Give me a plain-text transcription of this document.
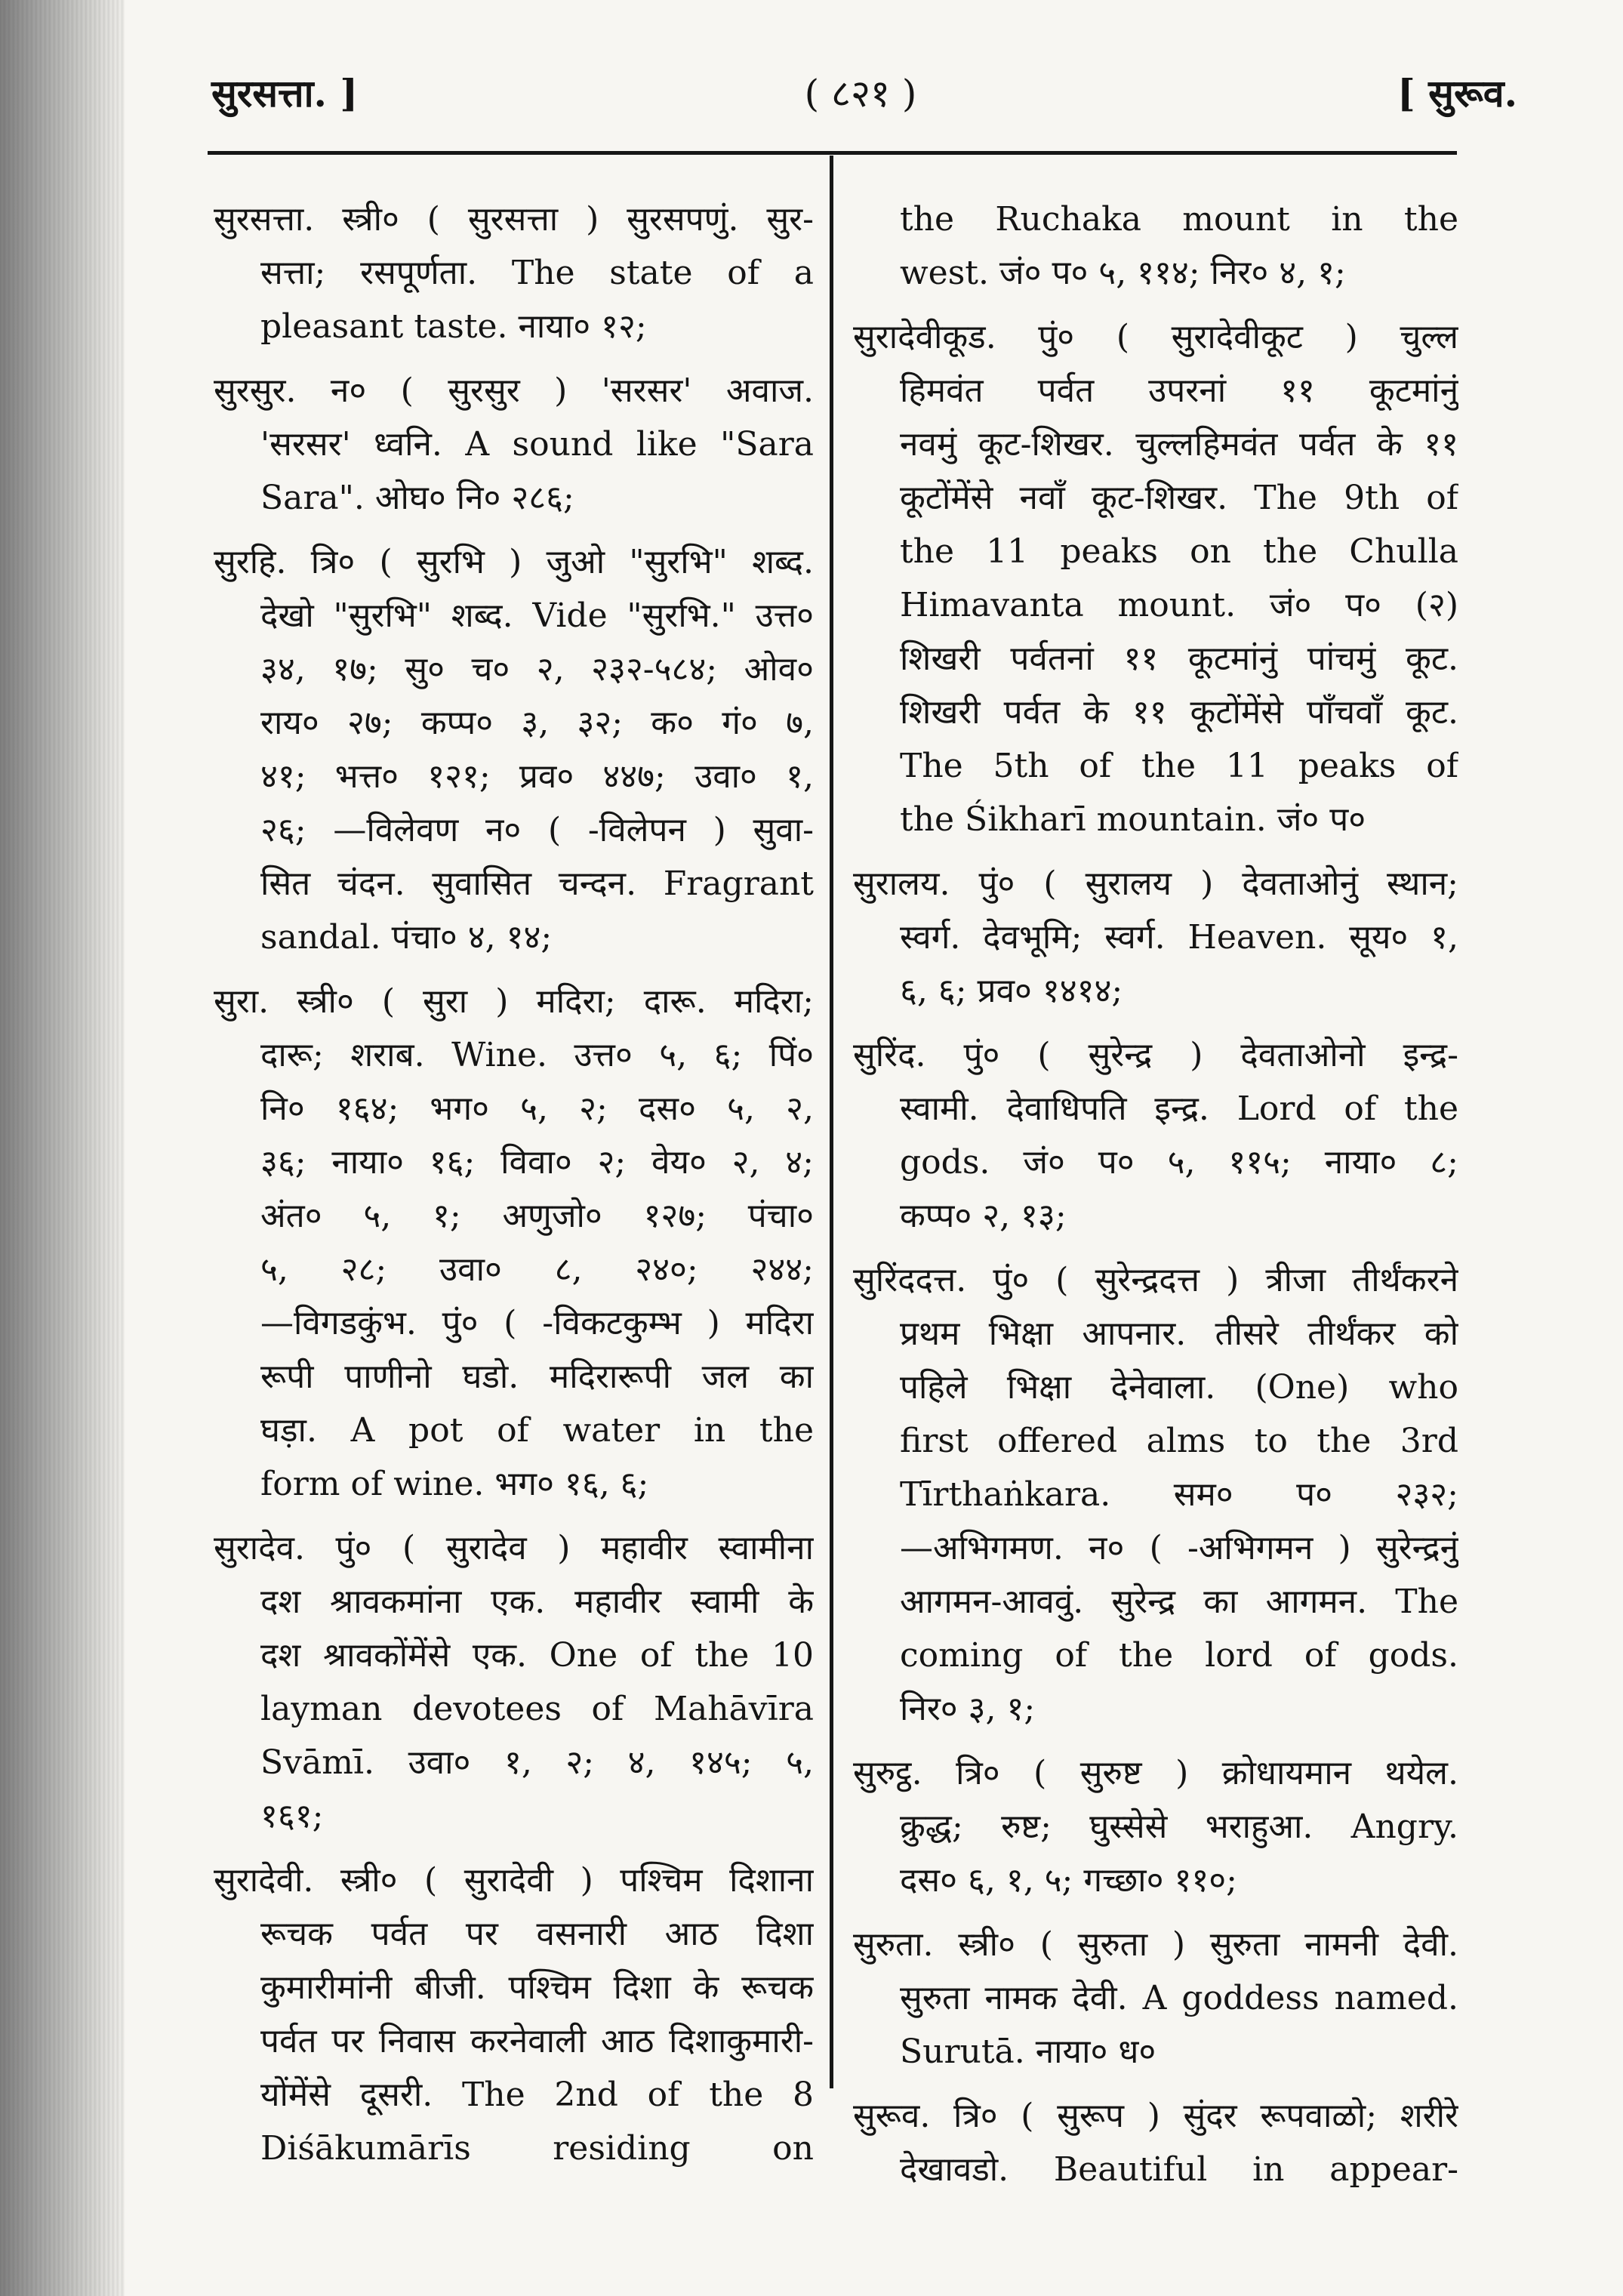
सुरसत्ता. ]	( ८२१ )	[ सुरूव.
सुरसत्ता. स्त्री० ( सुरसत्ता ) सुरसपणुं. सुर-
सत्ता; रसपूर्णता. The state of a
pleasant taste. नाया० १२;
सुरसुर. न० ( सुरसुर ) 'सरसर' अवाज.
'सरसर' ध्वनि. A sound like "Sara
Sara". ओघ० नि० २८६;
सुरहि. त्रि० ( सुरभि ) जुओ "सुरभि" शब्द.
देखो "सुरभि" शब्द. Vide "सुरभि." उत्त०
३४, १७; सु० च० २, २३२-५८४; ओव०
राय० २७; कप्प० ३, ३२; क० गं० ७,
४१; भत्त० १२१; प्रव० ४४७; उवा० १,
२६; —विलेवण न० ( -विलेपन ) सुवा-
सित चंदन. सुवासित चन्दन. Fragrant
sandal. पंचा० ४, १४;
सुरा. स्त्री० ( सुरा ) मदिरा; दारू. मदिरा;
दारू; शराब. Wine. उत्त० ५, ६; पिं०
नि० १६४; भग० ५, २; दस० ५, २,
३६; नाया० १६; विवा० २; वेय० २, ४;
अंत० ५, १; अणुजो० १२७; पंचा०
५, २८; उवा० ८, २४०; २४४;
—विगडकुंभ. पुं० ( -विकटकुम्भ ) मदिरा
रूपी पाणीनो घडो. मदिरारूपी जल का
घड़ा. A pot of water in the
form of wine. भग० १६, ६;
सुरादेव. पुं० ( सुरादेव ) महावीर स्वामीना
दश श्रावकमांना एक. महावीर स्वामी के
दश श्रावकोंमेंसे एक. One of the 10
layman devotees of Mahāvīra
Svāmī. उवा० १, २; ४, १४५; ५,
१६१;
सुरादेवी. स्त्री० ( सुरादेवी ) पश्चिम दिशाना
रूचक पर्वत पर वसनारी आठ दिशा
कुमारीमांनी बीजी. पश्चिम दिशा के रूचक
पर्वत पर निवास करनेवाली आठ दिशाकुमारी-
योंमेंसे दूसरी. The 2nd of the 8
Diśākumārīs residing on
the Ruchaka mount in the
west. जं० प० ५, ११४; निर० ४, १;
सुरादेवीकूड. पुं० ( सुरादेवीकूट ) चुल्ल
हिमवंत पर्वत उपरनां ११ कूटमांनुं
नवमुं कूट-शिखर. चुल्लहिमवंत पर्वत के ११
कूटोंमेंसे नवाँ कूट-शिखर. The 9th of
the 11 peaks on the Chulla
Himavanta mount. जं० प० (२)
शिखरी पर्वतनां ११ कूटमांनुं पांचमुं कूट.
शिखरी पर्वत के ११ कूटोंमेंसे पाँचवाँ कूट.
The 5th of the 11 peaks of
the Śikharī mountain. जं० प०
सुरालय. पुं० ( सुरालय ) देवताओनुं स्थान;
स्वर्ग. देवभूमि; स्वर्ग. Heaven. सूय० १,
६, ६; प्रव० १४१४;
सुरिंद. पुं० ( सुरेन्द्र ) देवताओनो इन्द्र-
स्वामी. देवाधिपति इन्द्र. Lord of the
gods. जं० प० ५, ११५; नाया० ८;
कप्प० २, १३;
सुरिंददत्त. पुं० ( सुरेन्द्रदत्त ) त्रीजा तीर्थंकरने
प्रथम भिक्षा आपनार. तीसरे तीर्थंकर को
पहिले भिक्षा देनेवाला. (One) who
first offered alms to the 3rd
Tīrthaṅkara. सम० प० २३२;
—अभिगमण. न० ( -अभिगमन ) सुरेन्द्रनुं
आगमन-आववुं. सुरेन्द्र का आगमन. The
coming of the lord of gods.
निर० ३, १;
सुरुट्ठ. त्रि० ( सुरुष्ट ) क्रोधायमान थयेल.
क्रुद्ध; रुष्ट; घुस्सेसे भराहुआ. Angry.
दस० ६, १, ५; गच्छा० ११०;
सुरुता. स्त्री० ( सुरुता ) सुरुता नामनी देवी.
सुरुता नामक देवी. A goddess named.
Surutā. नाया० ध०
सुरूव. त्रि० ( सुरूप ) सुंदर रूपवाळो; शरीरे
देखावडो. Beautiful in appear-
